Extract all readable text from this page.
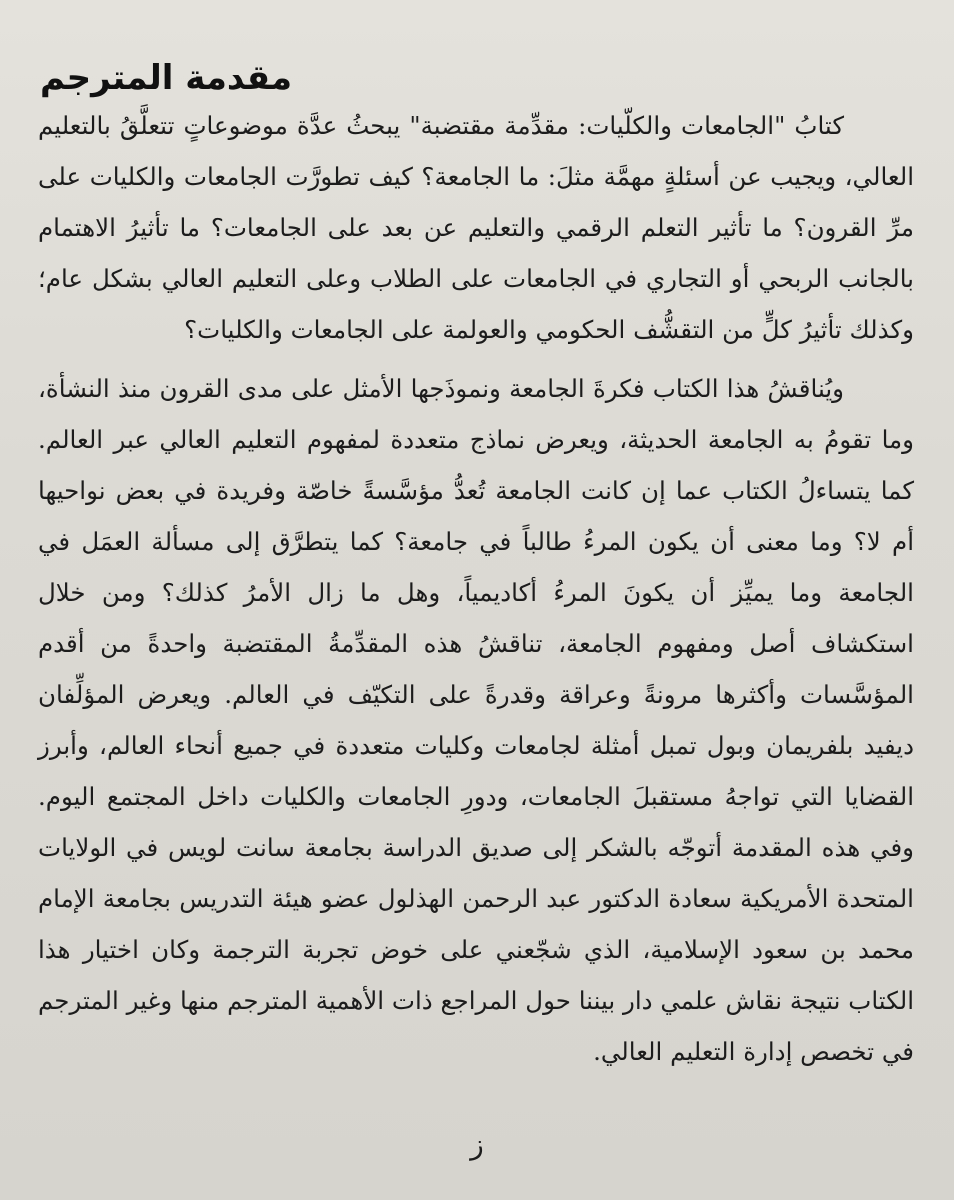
مقدمة المترجم

كتابُ "الجامعات والكلّيات: مقدِّمة مقتضبة" يبحثُ عدَّة موضوعاتٍ تتعلَّقُ بالتعليم العالي، ويجيب عن أسئلةٍ مهمَّة مثلَ: ما الجامعة؟ كيف تطورَّت الجامعات والكليات على مرِّ القرون؟ ما تأثير التعلم الرقمي والتعليم عن بعد على الجامعات؟ ما تأثيرُ الاهتمام بالجانب الربحي أو التجاري في الجامعات على الطلاب وعلى التعليم العالي بشكل عام؛ وكذلك تأثيرُ كلٍّ من التقشُّف الحكومي والعولمة على الجامعات والكليات؟

ويُناقشُ هذا الكتاب فكرةَ الجامعة ونموذَجها الأمثل على مدى القرون منذ النشأة، وما تقومُ به الجامعة الحديثة، ويعرض نماذج متعددة لمفهوم التعليم العالي عبر العالم. كما يتساءلُ الكتاب عما إن كانت الجامعة تُعدُّ مؤسَّسةً خاصّة وفريدة في بعض نواحيها أم لا؟ وما معنى أن يكون المرءُ طالباً في جامعة؟ كما يتطرَّق إلى مسألة العمَل في الجامعة وما يميِّز أن يكونَ المرءُ أكاديمياً، وهل ما زال الأمرُ كذلك؟ ومن خلال استكشاف أصل ومفهوم الجامعة، تناقشُ هذه المقدِّمةُ المقتضبة واحدةً من أقدم المؤسَّسات وأكثرها مرونةً وعراقة وقدرةً على التكيّف في العالم. ويعرض المؤلِّفان ديفيد بلفريمان وبول تمبل أمثلة لجامعات وكليات متعددة في جميع أنحاء العالم، وأبرز القضايا التي تواجهُ مستقبلَ الجامعات، ودورِ الجامعات والكليات داخل المجتمع اليوم. وفي هذه المقدمة أتوجّه بالشكر إلى صديق الدراسة بجامعة سانت لويس في الولايات المتحدة الأمريكية سعادة الدكتور عبد الرحمن الهذلول عضو هيئة التدريس بجامعة الإمام محمد بن سعود الإسلامية، الذي شجّعني على خوض تجربة الترجمة وكان اختيار هذا الكتاب نتيجة نقاش علمي دار بيننا حول المراجع ذات الأهمية المترجم منها وغير المترجم في تخصص إدارة التعليم العالي.

ز
